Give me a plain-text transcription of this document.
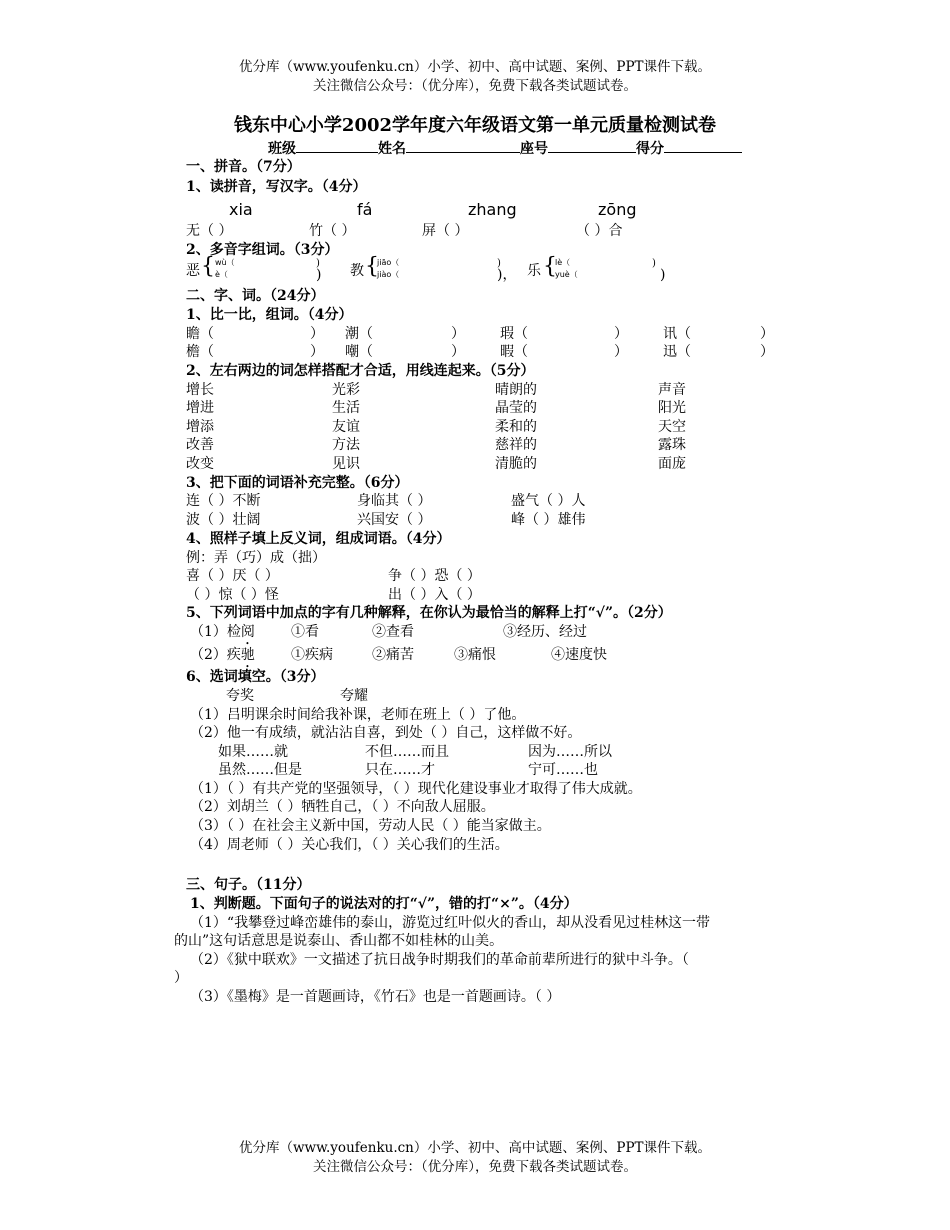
优分库（www.youfenku.cn）小学、初中、高中试题、案例、PPT课件下载。
关注微信公众号：（优分库），免费下载各类试题试卷。
钱东中心小学2002学年度六年级语文第一单元质量检测试卷
班级	姓名	座号	得分
一、拼音。（7分）
1、读拼音，写汉字。（4分）
xia	fá	zhang	zōng
无（ ）	竹（ ）	屏（ ）	（ ）合
2、多音字组词。（3分）
恶 { wù（
è（
)
) 教 {
jiāo（
jiào（
)
)， 乐 {
lè（
yuè（
)
)
二、字、词。（24分）
1、比一比，组词。（4分）
瞻（	） 潮（	）	瑕（	）	讯（	）
檐（	） 嘲（	）	暇（	）	迅（	）
2、左右两边的词怎样搭配才合适，用线连起来。（5分）
增长	光彩	晴朗的	声音
增进	生活	晶莹的	阳光
增添	友谊	柔和的	天空
改善	方法	慈祥的	露珠
改变	见识	清脆的	面庞
3、把下面的词语补充完整。（6分）
连（ ）不断	身临其（ ）	盛气（ ）人
波（ ）壮阔	兴国安（ ）	峰（ ）雄伟
4、照样子填上反义词，组成词语。（4分）
例：弄（巧）成（拙）
喜（ ）厌（ ）	争（ ）恐（ ）
（ ）惊（ ）怪	出（ ）入（ ）
5、下列词语中加点的字有几种解释，在你认为最恰当的解释上打“√”。（2分）
（1）检阅	①看	②查看	③经历、经过
（2）疾驰	①疾病	②痛苦	③痛恨	④速度快
6、选词填空。（3分）
夸奖	夸耀
（1）吕明课余时间给我补课，老师在班上（ ）了他。
（2）他一有成绩，就沾沾自喜，到处（ ）自己，这样做不好。
如果……就	不但……而且	因为……所以
虽然……但是	只在……才	宁可……也
（1）（ ）有共产党的坚强领导，（ ）现代化建设事业才取得了伟大成就。
（2）刘胡兰（ ）牺牲自己，（ ）不向敌人屈服。
（3）（ ）在社会主义新中国，劳动人民（ ）能当家做主。
（4）周老师（ ）关心我们，（ ）关心我们的生活。
三、句子。（11分）
1、判断题。下面句子的说法对的打“√”，错的打“×”。（4分）
（1）“我攀登过峰峦雄伟的泰山，游览过红叶似火的香山，却从没看见过桂林这一带
的山”这句话意思是说泰山、香山都不如桂林的山美。
（2）《狱中联欢》一文描述了抗日战争时期我们的革命前辈所进行的狱中斗争。（
）
（3）《墨梅》是一首题画诗，《竹石》也是一首题画诗。（ ）
优分库（www.youfenku.cn）小学、初中、高中试题、案例、PPT课件下载。
关注微信公众号：（优分库），免费下载各类试题试卷。
